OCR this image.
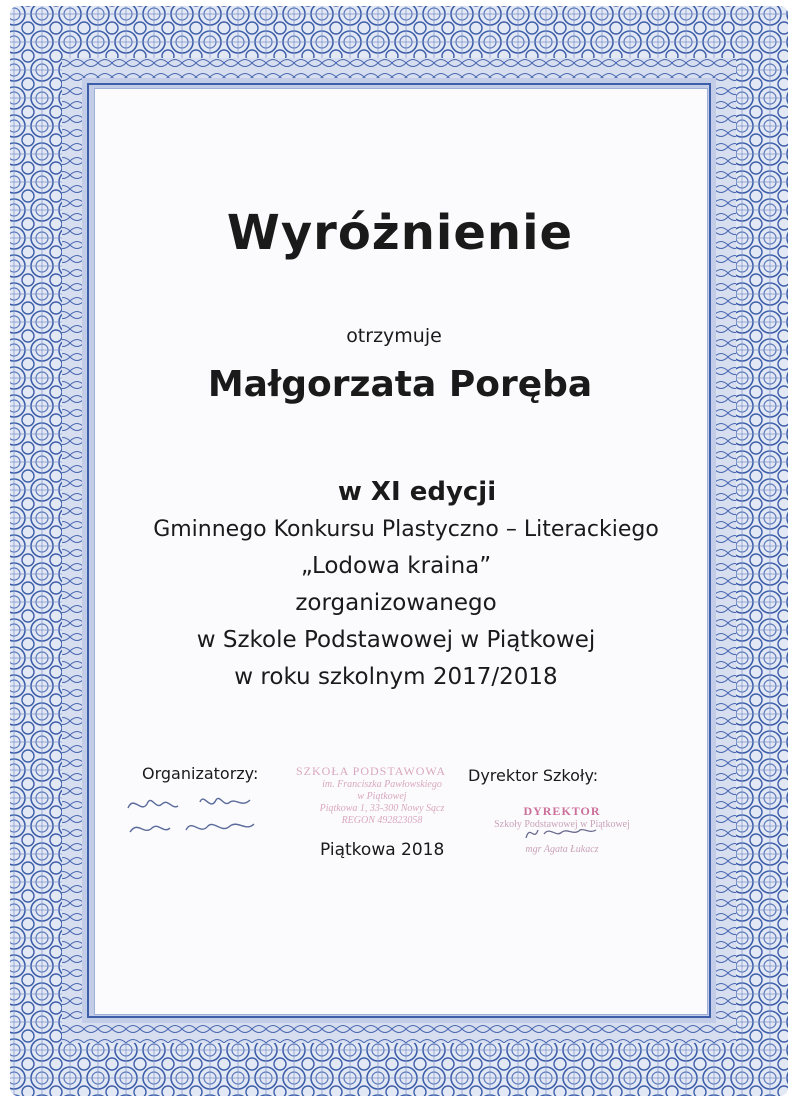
Wyróżnienie
otrzymuje
Małgorzata Poręba
w XI edycji
Gminnego Konkursu Plastyczno – Literackiego
„Lodowa kraina”
zorganizowanego
w Szkole Podstawowej w Piątkowej
w roku szkolnym 2017/2018
Organizatorzy:	SZKOŁA PODSTAWOWA
im. Franciszka Pawłowskiego
w Piątkowej
Piątkowa 1, 33-300 Nowy Sącz
REGON 492823058
Dyrektor Szkoły:
DYREKTOR
Szkoły Podstawowej w Piątkowej
mgr Agata Łukacz
Piątkowa 2018
